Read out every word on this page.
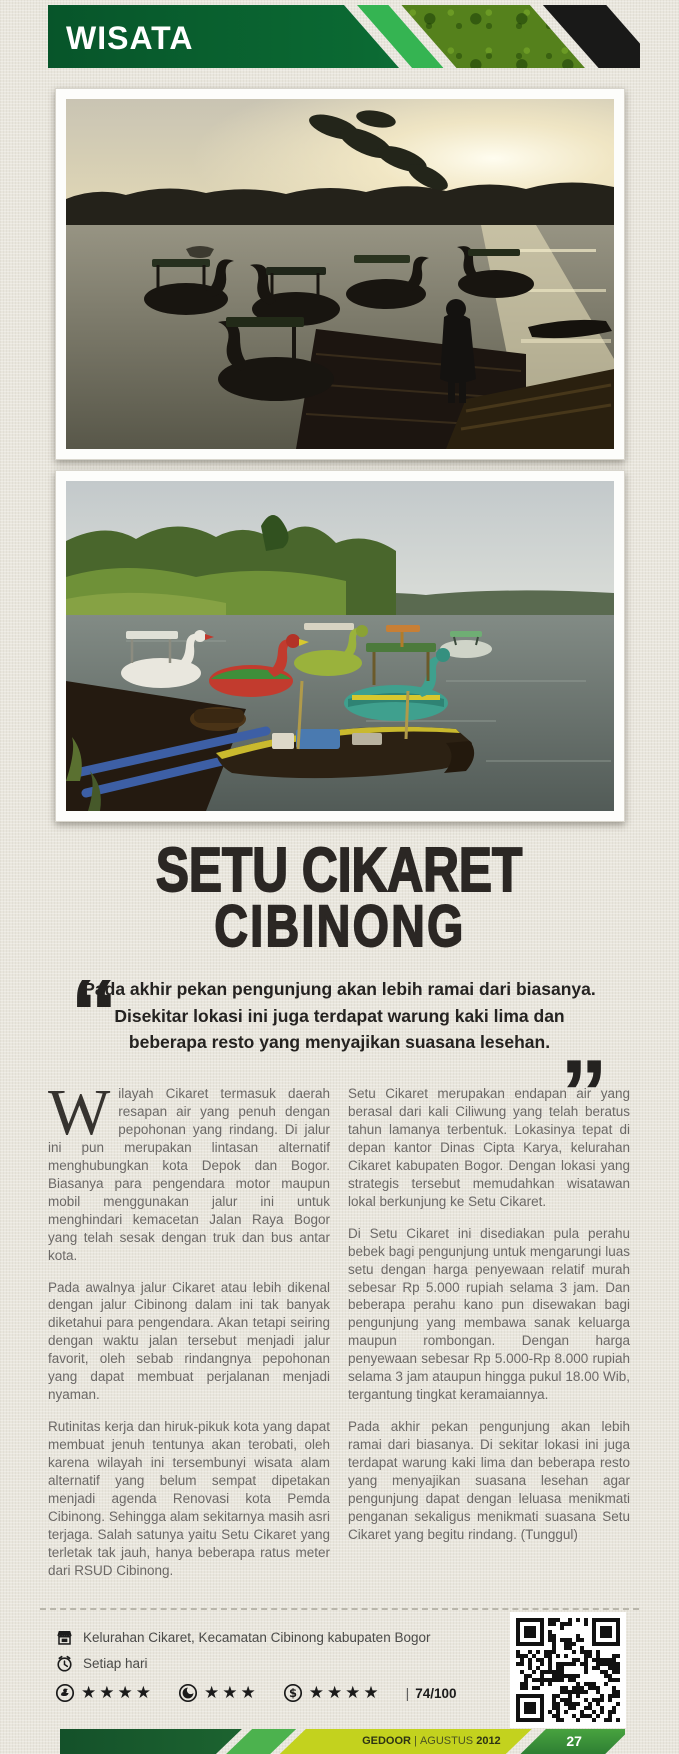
WISATA
SETU CIKARET
CIBINONG
“
Pada akhir pekan pengunjung akan lebih ramai dari biasanya. Disekitar lokasi ini juga terdapat warung kaki lima dan beberapa resto yang menyajikan suasana lesehan. ”

Wilayah Cikaret termasuk daerah resapan air yang penuh dengan pepohonan yang rindang. Di jalur ini pun merupakan lintasan alternatif menghubungkan kota Depok dan Bogor. Biasanya para pengendara motor maupun mobil menggunakan jalur ini untuk menghindari kemacetan Jalan Raya Bogor yang telah sesak dengan truk dan bus antar kota.

Pada awalnya jalur Cikaret atau lebih dikenal dengan jalur Cibinong dalam ini tak banyak diketahui para pengendara. Akan tetapi seiring dengan waktu jalan tersebut menjadi jalur favorit, oleh sebab rindangnya pepohonan yang dapat membuat perjalanan menjadi nyaman.

Rutinitas kerja dan hiruk-pikuk kota yang dapat membuat jenuh tentunya akan terobati, oleh karena wilayah ini tersembunyi wisata alam alternatif yang belum sempat dipetakan menjadi agenda Renovasi kota Pemda Cibinong. Sehingga alam sekitarnya masih asri terjaga. Salah satunya yaitu Setu Cikaret yang terletak tak jauh, hanya beberapa ratus meter dari RSUD Cibinong.

Setu Cikaret merupakan endapan air yang berasal dari kali Ciliwung yang telah beratus tahun lamanya terbentuk. Lokasinya tepat di depan kantor Dinas Cipta Karya, kelurahan Cikaret kabupaten Bogor. Dengan lokasi yang strategis tersebut memudahkan wisatawan lokal berkunjung ke Setu Cikaret.

Di Setu Cikaret ini disediakan pula perahu bebek bagi pengunjung untuk mengarungi luas setu dengan harga penyewaan relatif murah sebesar Rp 5.000 rupiah selama 3 jam. Dan beberapa perahu kano pun disewakan bagi pengunjung yang membawa sanak keluarga maupun rombongan. Dengan harga penyewaan sebesar Rp 5.000-Rp 8.000 rupiah selama 3 jam ataupun hingga pukul 18.00 Wib, tergantung tingkat keramaiannya.

Pada akhir pekan pengunjung akan lebih ramai dari biasanya. Di sekitar lokasi ini juga terdapat warung kaki lima dan beberapa resto yang menyajikan suasana lesehan agar pengunjung dapat dengan leluasa menikmati penganan sekaligus menikmati suasana Setu Cikaret yang begitu rindang. (Tunggul)

Kelurahan Cikaret, Kecamatan Cibinong kabupaten Bogor
Setiap hari
★★★★	★★★	$ ★★★★ | 74/100
GEDOOR | AGUSTUS 2012	27
